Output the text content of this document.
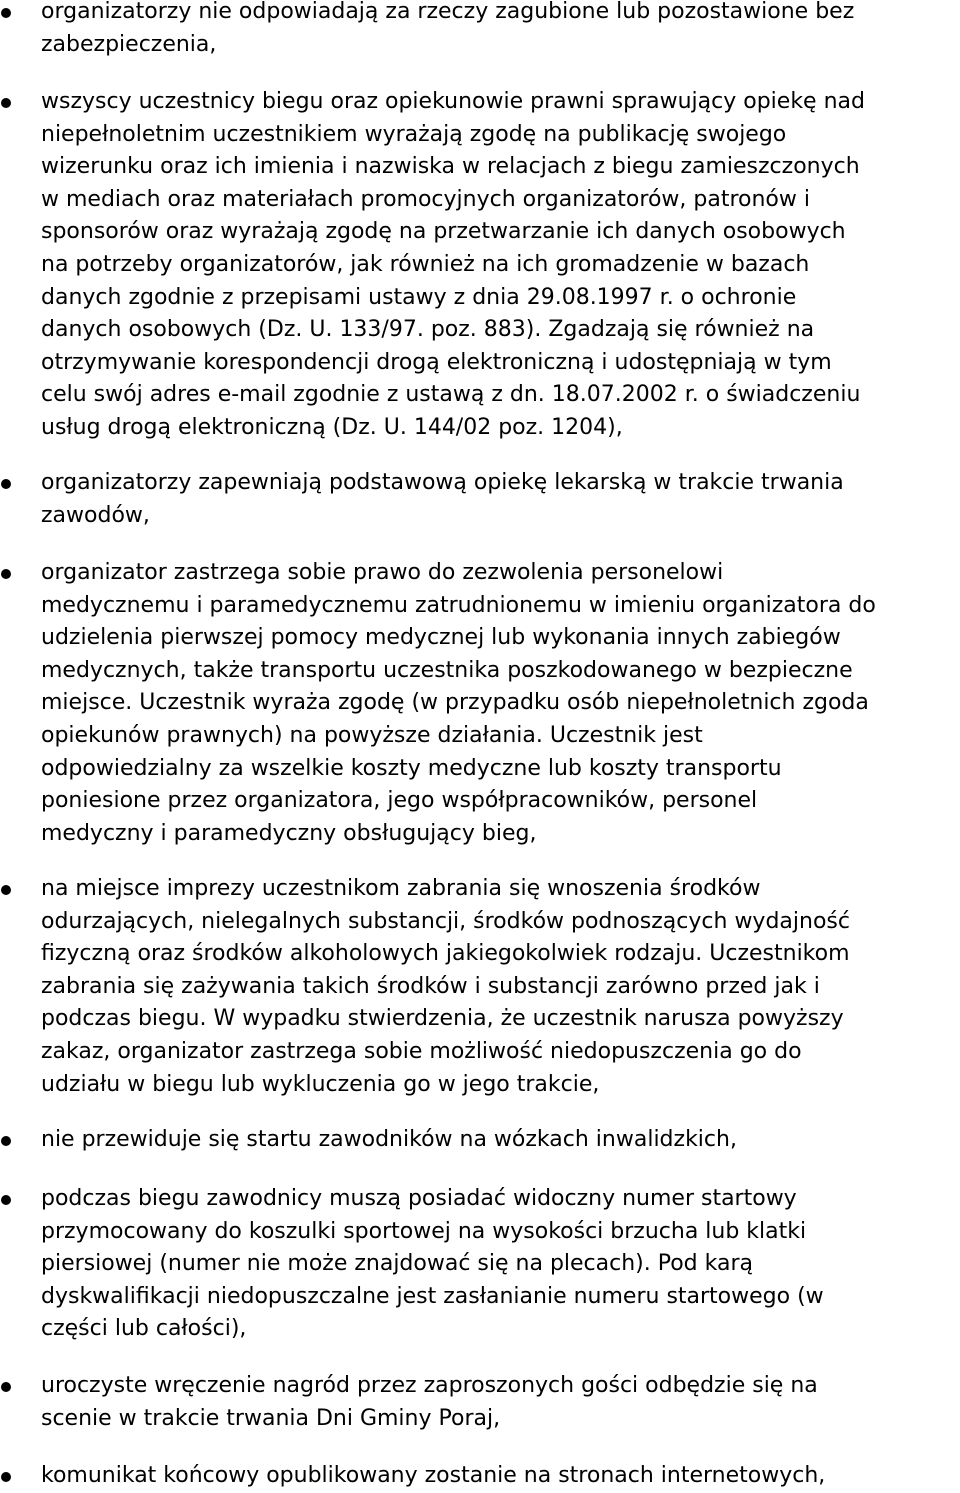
organizatorzy nie odpowiadają za rzeczy zagubione lub pozostawione bez
zabezpieczenia,
wszyscy uczestnicy biegu oraz opiekunowie prawni sprawujący opiekę nad
niepełnoletnim uczestnikiem wyrażają zgodę na publikację swojego
wizerunku oraz ich imienia i nazwiska w relacjach z biegu zamieszczonych
w mediach oraz materiałach promocyjnych organizatorów, patronów i
sponsorów oraz wyrażają zgodę na przetwarzanie ich danych osobowych
na potrzeby organizatorów, jak również na ich gromadzenie w bazach
danych zgodnie z przepisami ustawy z dnia 29.08.1997 r. o ochronie
danych osobowych (Dz. U. 133/97. poz. 883). Zgadzają się również na
otrzymywanie korespondencji drogą elektroniczną i udostępniają w tym
celu swój adres e-mail zgodnie z ustawą z dn. 18.07.2002 r. o świadczeniu
usług drogą elektroniczną (Dz. U. 144/02 poz. 1204),
organizatorzy zapewniają podstawową opiekę lekarską w trakcie trwania
zawodów,
organizator zastrzega sobie prawo do zezwolenia personelowi
medycznemu i paramedycznemu zatrudnionemu w imieniu organizatora do
udzielenia pierwszej pomocy medycznej lub wykonania innych zabiegów
medycznych, także transportu uczestnika poszkodowanego w bezpieczne
miejsce. Uczestnik wyraża zgodę (w przypadku osób niepełnoletnich zgoda
opiekunów prawnych) na powyższe działania. Uczestnik jest
odpowiedzialny za wszelkie koszty medyczne lub koszty transportu
poniesione przez organizatora, jego współpracowników, personel
medyczny i paramedyczny obsługujący bieg,
na miejsce imprezy uczestnikom zabrania się wnoszenia środków
odurzających, nielegalnych substancji, środków podnoszących wydajność
fizyczną oraz środków alkoholowych jakiegokolwiek rodzaju. Uczestnikom
zabrania się zażywania takich środków i substancji zarówno przed jak i
podczas biegu. W wypadku stwierdzenia, że uczestnik narusza powyższy
zakaz, organizator zastrzega sobie możliwość niedopuszczenia go do
udziału w biegu lub wykluczenia go w jego trakcie,
nie przewiduje się startu zawodników na wózkach inwalidzkich,
podczas biegu zawodnicy muszą posiadać widoczny numer startowy
przymocowany do koszulki sportowej na wysokości brzucha lub klatki
piersiowej (numer nie może znajdować się na plecach). Pod karą
dyskwalifikacji niedopuszczalne jest zasłanianie numeru startowego (w
części lub całości),
uroczyste wręczenie nagród przez zaproszonych gości odbędzie się na
scenie w trakcie trwania Dni Gminy Poraj,
komunikat końcowy opublikowany zostanie na stronach internetowych,
